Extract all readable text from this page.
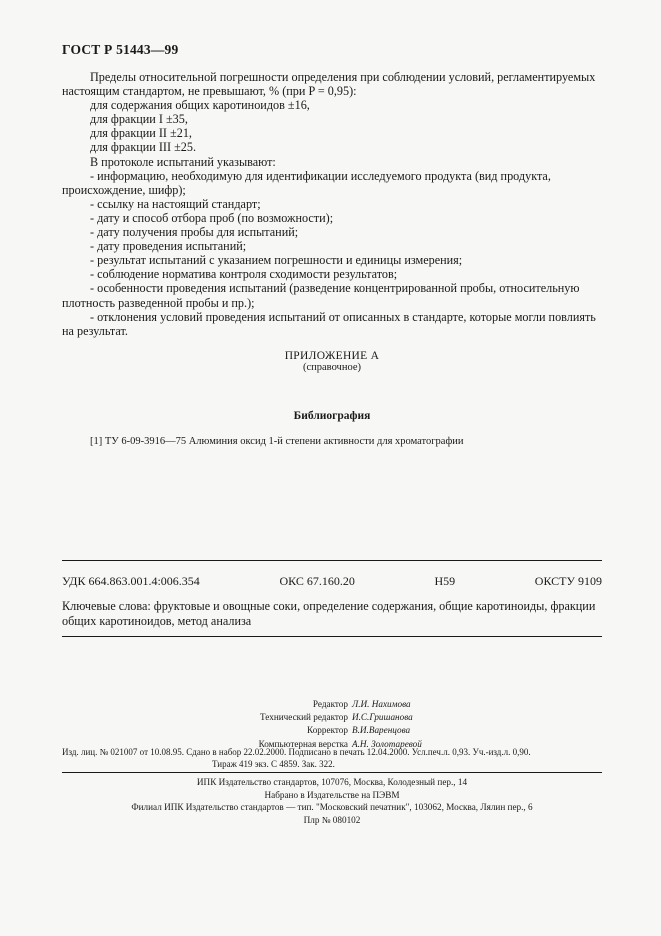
ГОСТ Р 51443—99

Пределы относительной погрешности определения при соблюдении условий, регламентируемых настоящим стандартом, не превышают, % (при P = 0,95):

для содержания общих каротиноидов ±16,

для фракции I ±35,

для фракции II ±21,

для фракции III ±25.

В протоколе испытаний указывают:

- информацию, необходимую для идентификации исследуемого продукта (вид продукта, происхождение, шифр);

- ссылку на настоящий стандарт;

- дату и способ отбора проб (по возможности);

- дату получения пробы для испытаний;

- дату проведения испытаний;

- результат испытаний с указанием погрешности и единицы измерения;

- соблюдение норматива контроля сходимости результатов;

- особенности проведения испытаний (разведение концентрированной пробы, относительную плотность разведенной пробы и пр.);

- отклонения условий проведения испытаний от описанных в стандарте, которые могли повлиять на результат.

ПРИЛОЖЕНИЕ А
(справочное)
Библиография
[1] ТУ 6-09-3916—75 Алюминия оксид 1-й степени активности для хроматографии
УДК 664.863.001.4:006.354	ОКС 67.160.20	Н59	ОКСТУ 9109
Ключевые слова: фруктовые и овощные соки, определение содержания, общие каротиноиды, фракции общих каротиноидов, метод анализа
Редактор Л.И. Нахимова
Технический редактор И.С.Гришанова
Корректор В.И.Варенцова
Компьютерная верстка А.Н. Золотаревой
Изд. лиц. № 021007 от 10.08.95. Сдано в набор 22.02.2000. Подписано в печать 12.04.2000. Усл.печ.л. 0,93. Уч.-изд.л. 0,90.
Тираж 419 экз. С 4859. Зак. 322.
ИПК Издательство стандартов, 107076, Москва, Колодезный пер., 14
Набрано в Издательстве на ПЭВМ
Филиал ИПК Издательство стандартов — тип. "Московский печатник", 103062, Москва, Лялин пер., 6
Плр № 080102
